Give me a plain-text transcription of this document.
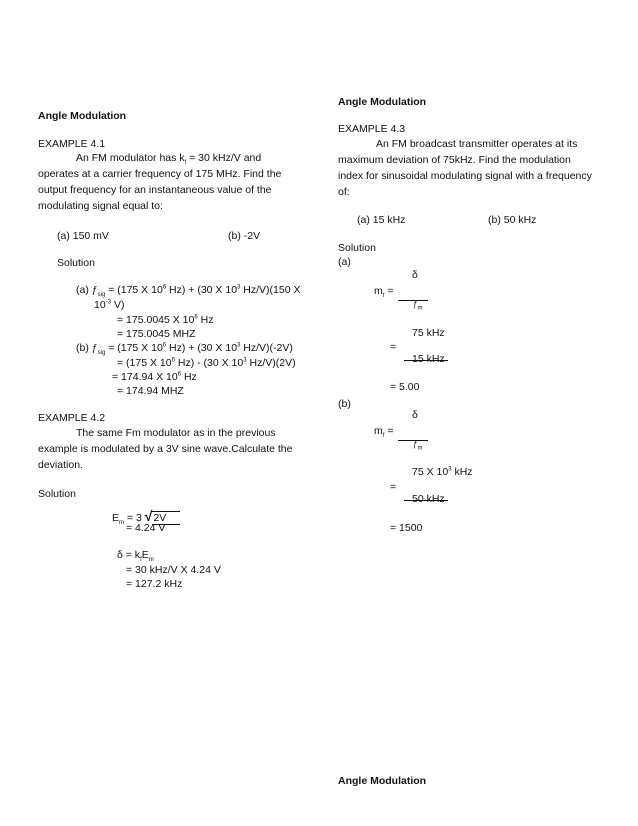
Angle Modulation
EXAMPLE 4.1
An FM modulator has $k_f = 30$ kHz/V and
operates at a carrier frequency of 175 MHz. Find the
output frequency for an instantaneous value of the
modulating signal equal to:
(a) 150 mV	(b) -2V
Solution
(a) $ƒ_{sig} = (175$ X $10^6$ Hz) + (30 X $10^3$ Hz/V)(150 X
$10^{-3}$ V)
= 175.0045 X $10^6$ Hz
= 175.0045 MHZ
(b) $ƒ_{sig} = (175$ X $10^6$ Hz) + (30 X $10^3$ Hz/V)(-2V)
= (175 X $10^6$ Hz) - (30 X $10^3$ Hz/V)(2V)
= 174.94 X $10^6$ Hz
= 174.94 MHZ
EXAMPLE 4.2
The same Fm modulator as in the previous
example is modulated by a 3V sine wave.Calculate the
deviation.
Solution
$E_m = 3$ √2V
= 4.24 V
$\delta = k_fE_m$
= 30 kHz/V X 4.24 V
= 127.2 kHz
Angle Modulation
EXAMPLE 4.3
An FM broadcast transmitter operates at its
maximum deviation of 75kHz. Find the modulation
index for sinusoidal modulating signal with a frequency
of:
(a) 15 kHz	(b) 50 kHz
Solution
(a)
δ
$m_f$ =
$ƒ_m$
75 kHz
=
15 kHz
= 5.00
(b)
δ
$m_f$ =
$ƒ_m$
75 X $10^3$ kHz
=
50 kHz
= 1500
Angle Modulation
